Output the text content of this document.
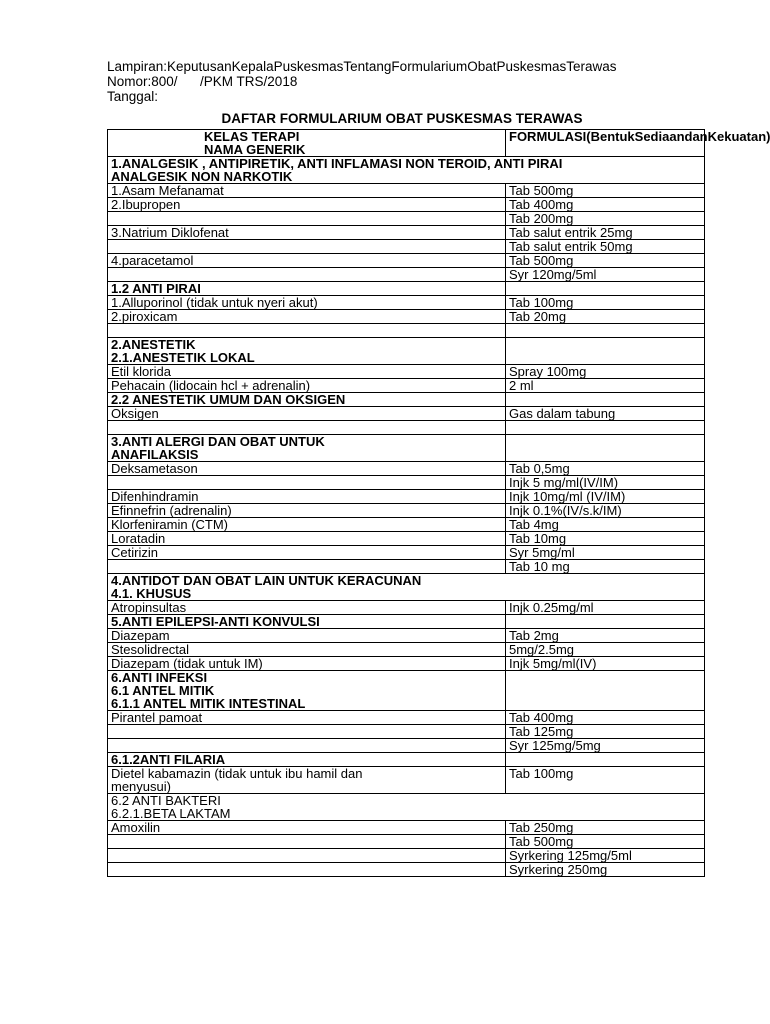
Lampiran:KeputusanKepalaPuskesmasTentangFormulariumObatPuskesmasTerawas
Nomor:800/      /PKM TRS/2018
Tanggal:
DAFTAR FORMULARIUM OBAT PUSKESMAS TERAWAS
KELAS TERAPI
NAMA GENERIK	FORMULASI(BentukSediaandanKekuatan)

1.ANALGESIK , ANTIPIRETIK, ANTI INFLAMASI NON TEROID, ANTI PIRAI
ANALGESIK NON NARKOTIK	

1.Asam Mefanamat	Tab 500mg

2.Ibupropen	Tab 400mg

	Tab 200mg

3.Natrium Diklofenat	Tab salut entrik 25mg

	Tab salut entrik 50mg

4.paracetamol	Tab 500mg

	Syr 120mg/5ml

1.2 ANTI PIRAI	

1.Alluporinol (tidak untuk nyeri akut)	Tab 100mg

2.piroxicam	Tab 20mg

2.ANESTETIK
2.1.ANESTETIK LOKAL	

Etil klorida	Spray 100mg

Pehacain (lidocain hcl + adrenalin)	2 ml

2.2 ANESTETIK UMUM DAN OKSIGEN	

Oksigen	Gas dalam tabung

3.ANTI ALERGI DAN OBAT UNTUK
ANAFILAKSIS	

Deksametason	Tab 0,5mg

	Injk 5 mg/ml(IV/IM)

Difenhindramin	Injk 10mg/ml (IV/IM)

Efinnefrin (adrenalin)	Injk 0.1%(IV/s.k/IM)

Klorfeniramin (CTM)	Tab 4mg

Loratadin	Tab 10mg

Cetirizin	Syr 5mg/ml

	Tab 10 mg

4.ANTIDOT DAN OBAT LAIN UNTUK KERACUNAN
4.1. KHUSUS	

Atropinsultas	Injk 0.25mg/ml

5.ANTI EPILEPSI-ANTI KONVULSI	

Diazepam	Tab 2mg

Stesolidrectal	5mg/2.5mg

Diazepam (tidak untuk IM)	Injk 5mg/ml(IV)

6.ANTI INFEKSI
6.1 ANTEL MITIK
6.1.1 ANTEL MITIK INTESTINAL	

Pirantel pamoat	Tab 400mg

	Tab 125mg

	Syr 125mg/5mg

6.1.2ANTI FILARIA	

Dietel kabamazin (tidak untuk ibu hamil dan
menyusui)	Tab 100mg

6.2 ANTI BAKTERI
6.2.1.BETA LAKTAM	

Amoxilin	Tab 250mg

	Tab 500mg

	Syrkering 125mg/5ml

	Syrkering 250mg
